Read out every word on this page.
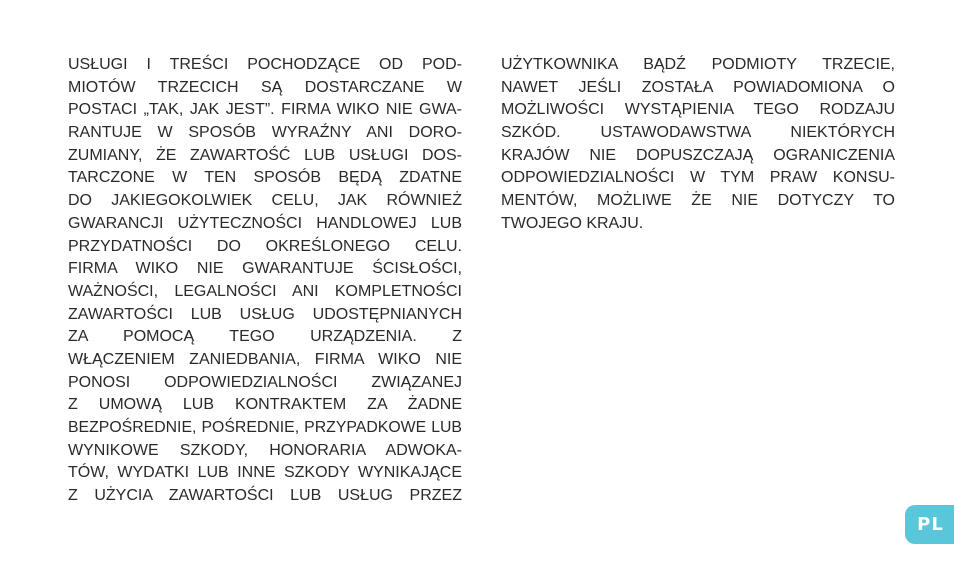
USŁUGI I TREŚCI POCHODZĄCE OD POD-
MIOTÓW TRZECICH SĄ DOSTARCZANE W
POSTACI „TAK, JAK JEST”. FIRMA WIKO NIE GWA-
RANTUJE W SPOSÓB WYRAŹNY ANI DORO-
ZUMIANY, ŻE ZAWARTOŚĆ LUB USŁUGI DOS-
TARCZONE W TEN SPOSÓB BĘDĄ ZDATNE
DO JAKIEGOKOLWIEK CELU, JAK RÓWNIEŻ
GWARANCJI UŻYTECZNOŚCI HANDLOWEJ LUB
PRZYDATNOŚCI DO OKREŚLONEGO CELU.
FIRMA WIKO NIE GWARANTUJE ŚCISŁOŚCI,
WAŻNOŚCI, LEGALNOŚCI ANI KOMPLETNOŚCI
ZAWARTOŚCI LUB USŁUG UDOSTĘPNIANYCH
ZA POMOCĄ TEGO URZĄDZENIA. Z
WŁĄCZENIEM ZANIEDBANIA, FIRMA WIKO NIE
PONOSI ODPOWIEDZIALNOŚCI ZWIĄZANEJ
Z UMOWĄ LUB KONTRAKTEM ZA ŻADNE
BEZPOŚREDNIE, POŚREDNIE, PRZYPADKOWE LUB
WYNIKOWE SZKODY, HONORARIA ADWOKA-
TÓW, WYDATKI LUB INNE SZKODY WYNIKAJĄCE
Z UŻYCIA ZAWARTOŚCI LUB USŁUG PRZEZ
UŻYTKOWNIKA BĄDŹ PODMIOTY TRZECIE,
NAWET JEŚLI ZOSTAŁA POWIADOMIONA O
MOŻLIWOŚCI WYSTĄPIENIA TEGO RODZAJU
SZKÓD. USTAWODAWSTWA NIEKTÓRYCH
KRAJÓW NIE DOPUSZCZAJĄ OGRANICZENIA
ODPOWIEDZIALNOŚCI W TYM PRAW KONSU-
MENTÓW, MOŻLIWE ŻE NIE DOTYCZY TO
TWOJEGO KRAJU.
PL
